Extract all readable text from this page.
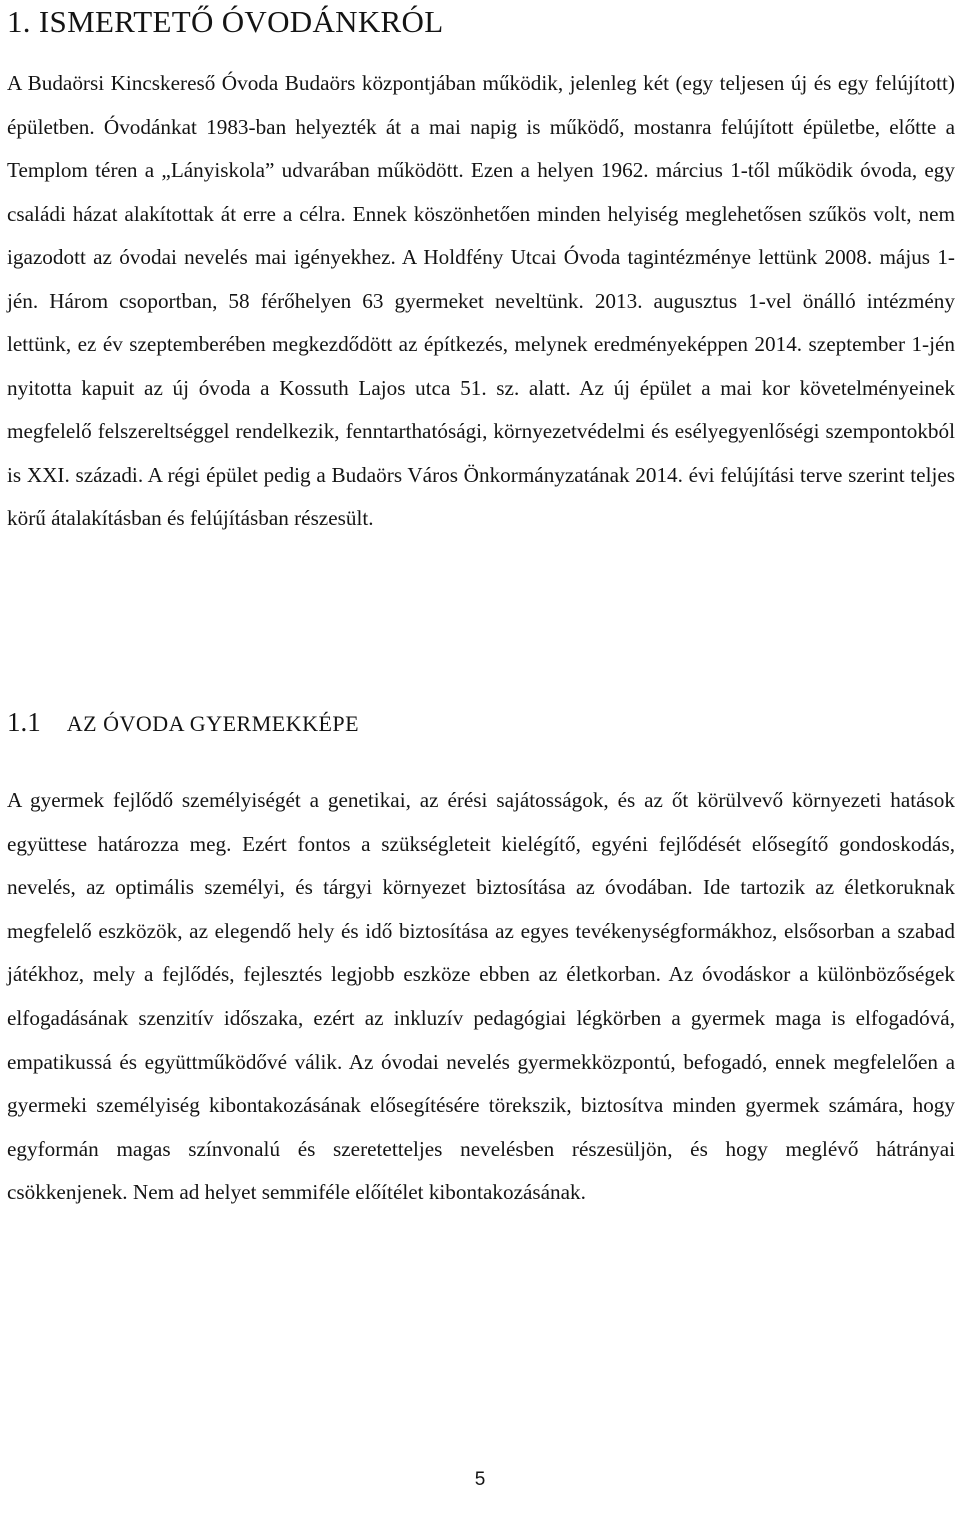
1. ISMERTETŐ ÓVODÁNKRÓL

A Budaörsi Kincskereső Óvoda Budaörs központjában működik, jelenleg két (egy teljesen új és egy felújított) épületben. Óvodánkat 1983-ban helyezték át a mai napig is működő, mostanra felújított épületbe, előtte a Templom téren a „Lányiskola” udvarában működött. Ezen a helyen 1962. március 1-től működik óvoda, egy családi házat alakítottak át erre a célra. Ennek köszönhetően minden helyiség meglehetősen szűkös volt, nem igazodott az óvodai nevelés mai igényekhez. A Holdfény Utcai Óvoda tagintézménye lettünk 2008. május 1-jén. Három csoportban, 58 férőhelyen 63 gyermeket neveltünk. 2013. augusztus 1-vel önálló intézmény lettünk, ez év szeptemberében megkezdődött az építkezés, melynek eredményeképpen 2014. szeptember 1-jén nyitotta kapuit az új óvoda a Kossuth Lajos utca 51. sz. alatt. Az új épület a mai kor követelményeinek megfelelő felszereltséggel rendelkezik, fenntarthatósági, környezetvédelmi és esélyegyenlőségi szempontokból is XXI. századi. A régi épület pedig a Budaörs Város Önkormányzatának 2014. évi felújítási terve szerint teljes körű átalakításban és felújításban részesült.

1.1 AZ ÓVODA GYERMEKKÉPE

A gyermek fejlődő személyiségét a genetikai, az érési sajátosságok, és az őt körülvevő környezeti hatások együttese határozza meg. Ezért fontos a szükségleteit kielégítő, egyéni fejlődését elősegítő gondoskodás, nevelés, az optimális személyi, és tárgyi környezet biztosítása az óvodában. Ide tartozik az életkoruknak megfelelő eszközök, az elegendő hely és idő biztosítása az egyes tevékenységformákhoz, elsősorban a szabad játékhoz, mely a fejlődés, fejlesztés legjobb eszköze ebben az életkorban. Az óvodáskor a különbözőségek elfogadásának szenzitív időszaka, ezért az inkluzív pedagógiai légkörben a gyermek maga is elfogadóvá, empatikussá és együttműködővé válik. Az óvodai nevelés gyermekközpontú, befogadó, ennek megfelelően a gyermeki személyiség kibontakozásának elősegítésére törekszik, biztosítva minden gyermek számára, hogy egyformán magas színvonalú és szeretetteljes nevelésben részesüljön, és hogy meglévő hátrányai csökkenjenek. Nem ad helyet semmiféle előítélet kibontakozásának.

5
